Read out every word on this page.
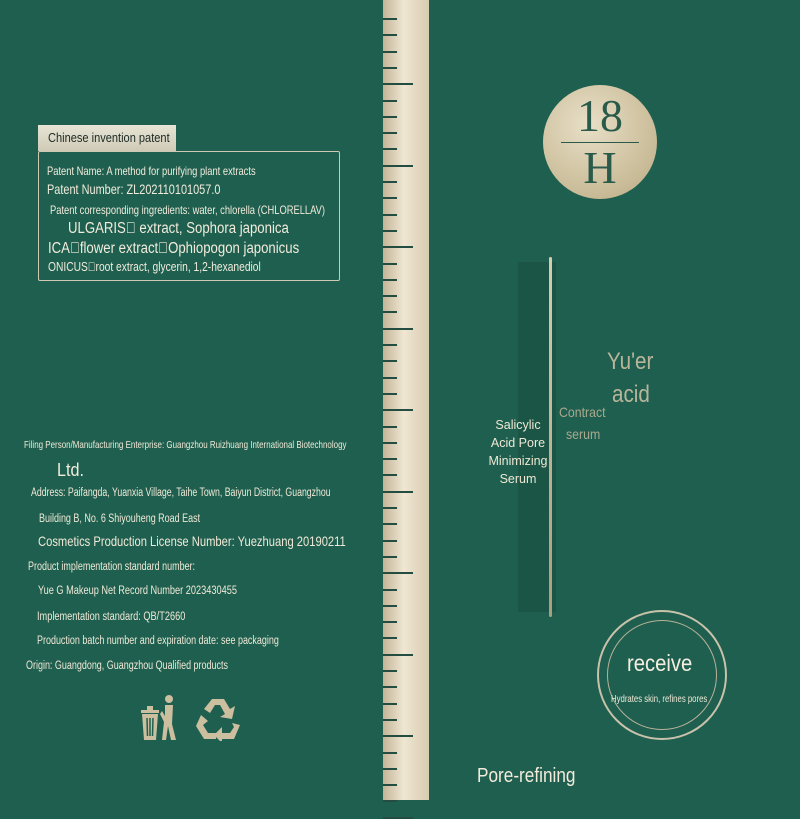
Chinese invention patent
Patent Name: A method for purifying plant extracts
Patent Number: ZL202110101057.0
Patent corresponding ingredients: water, chlorella (CHLORELLAV)
ULGARIS  extract, Sophora japonica
ICA flower extract Ophiopogon japonicus
ONICUS root extract, glycerin, 1,2-hexanediol
Filing Person/Manufacturing Enterprise: Guangzhou Ruizhuang International Biotechnology
Ltd.
Address: Paifangda, Yuanxia Village, Taihe Town, Baiyun District, Guangzhou
Building B, No. 6 Shiyouheng Road East
Cosmetics Production License Number: Yuezhuang 20190211
Product implementation standard number:
Yue G Makeup Net Record Number 2023430455
Implementation standard: QB/T2660
Production batch number and expiration date: see packaging
Origin: Guangdong, Guangzhou Qualified products
18
H
Yu'er
acid
Contract
serum
Salicylic
Acid Pore
Minimizing
Serum
receive
Hydrates skin, refines pores
Pore-refining
